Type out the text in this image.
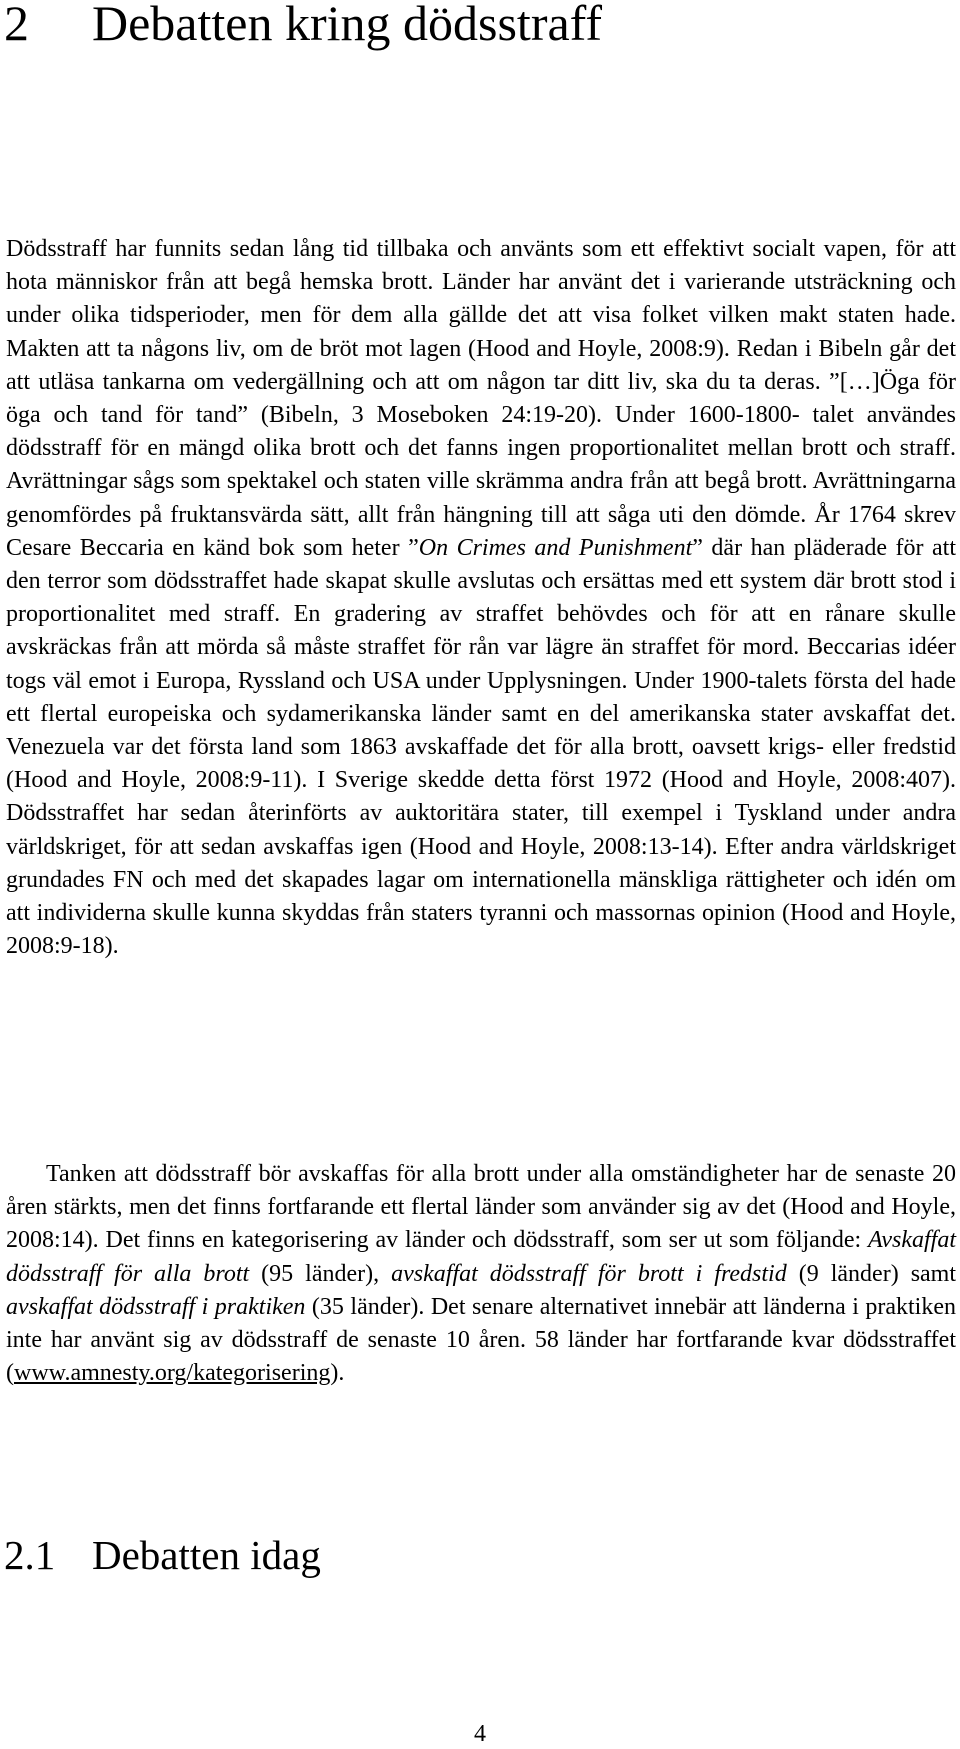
2 Debatten kring dödsstraff

Dödsstraff har funnits sedan lång tid tillbaka och använts som ett effektivt socialt vapen, för att hota människor från att begå hemska brott. Länder har använt det i varierande utsträckning och under olika tidsperioder, men för dem alla gällde det att visa folket vilken makt staten hade. Makten att ta någons liv, om de bröt mot lagen (Hood and Hoyle, 2008:9). Redan i Bibeln går det att utläsa tankarna om vedergällning och att om någon tar ditt liv, ska du ta deras. ”[…]Öga för öga och tand för tand” (Bibeln, 3 Moseboken 24:19-20). Under 1600-1800- talet användes dödsstraff för en mängd olika brott och det fanns ingen proportionalitet mellan brott och straff. Avrättningar sågs som spektakel och staten ville skrämma andra från att begå brott. Avrättningarna genomfördes på fruktansvärda sätt, allt från hängning till att såga uti den dömde. År 1764 skrev Cesare Beccaria en känd bok som heter ”On Crimes and Punishment” där han pläderade för att den terror som dödsstraffet hade skapat skulle avslutas och ersättas med ett system där brott stod i proportionalitet med straff. En gradering av straffet behövdes och för att en rånare skulle avskräckas från att mörda så måste straffet för rån var lägre än straffet för mord. Beccarias idéer togs väl emot i Europa, Ryssland och USA under Upplysningen. Under 1900-talets första del hade ett flertal europeiska och sydamerikanska länder samt en del amerikanska stater avskaffat det. Venezuela var det första land som 1863 avskaffade det för alla brott, oavsett krigs- eller fredstid (Hood and Hoyle, 2008:9-11). I Sverige skedde detta först 1972 (Hood and Hoyle, 2008:407). Dödsstraffet har sedan återinförts av auktoritära stater, till exempel i Tyskland under andra världskriget, för att sedan avskaffas igen (Hood and Hoyle, 2008:13-14). Efter andra världskriget grundades FN och med det skapades lagar om internationella mänskliga rättigheter och idén om att individerna skulle kunna skyddas från staters tyranni och massornas opinion (Hood and Hoyle, 2008:9-18).

Tanken att dödsstraff bör avskaffas för alla brott under alla omständigheter har de senaste 20 åren stärkts, men det finns fortfarande ett flertal länder som använder sig av det (Hood and Hoyle, 2008:14). Det finns en kategorisering av länder och dödsstraff, som ser ut som följande: Avskaffat dödsstraff för alla brott (95 länder), avskaffat dödsstraff för brott i fredstid (9 länder) samt avskaffat dödsstraff i praktiken (35 länder). Det senare alternativet innebär att länderna i praktiken inte har använt sig av dödsstraff de senaste 10 åren. 58 länder har fortfarande kvar dödsstraffet (www.amnesty.org/kategorisering).

2.1 Debatten idag
4
